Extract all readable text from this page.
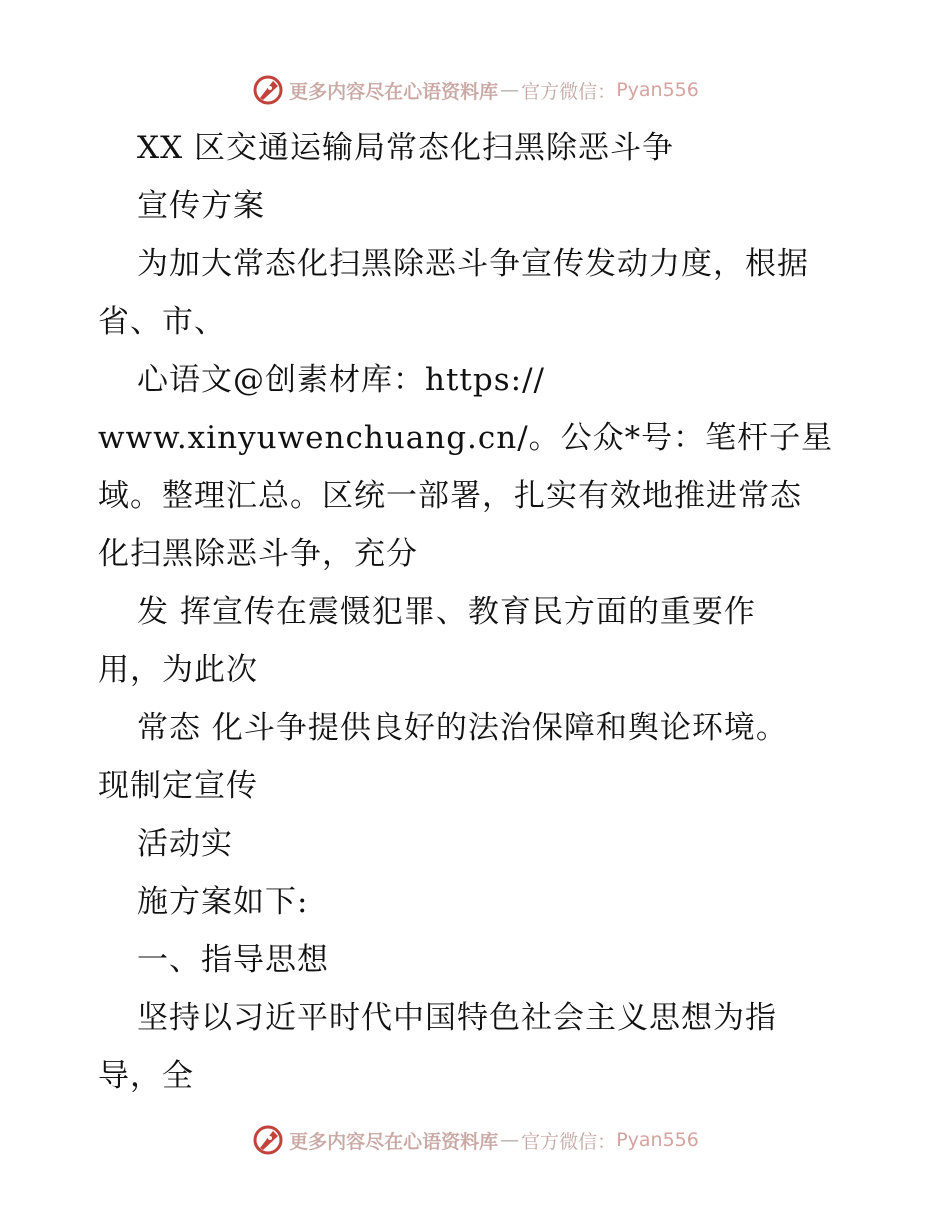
更多内容尽在心语资料库 — 官方微信： Pyan556
XX 区交通运输局常态化扫黑除恶斗争
宣传方案
为加大常态化扫黑除恶斗争宣传发动力度，根据
省、市、
心语文@创素材库：https://
www.xinyuwenchuang.cn/。公众*号：笔杆子星
域。整理汇总。区统一部署，扎实有效地推进常态
化扫黑除恶斗争，充分
发 挥宣传在震慑犯罪、教育民方面的重要作
用，为此次
常态 化斗争提供良好的法治保障和舆论环境。
现制定宣传
活动实
施方案如下:
一、指导思想
坚持以习近平时代中国特色社会主义思想为指
导，全
更多内容尽在心语资料库 — 官方微信： Pyan556
